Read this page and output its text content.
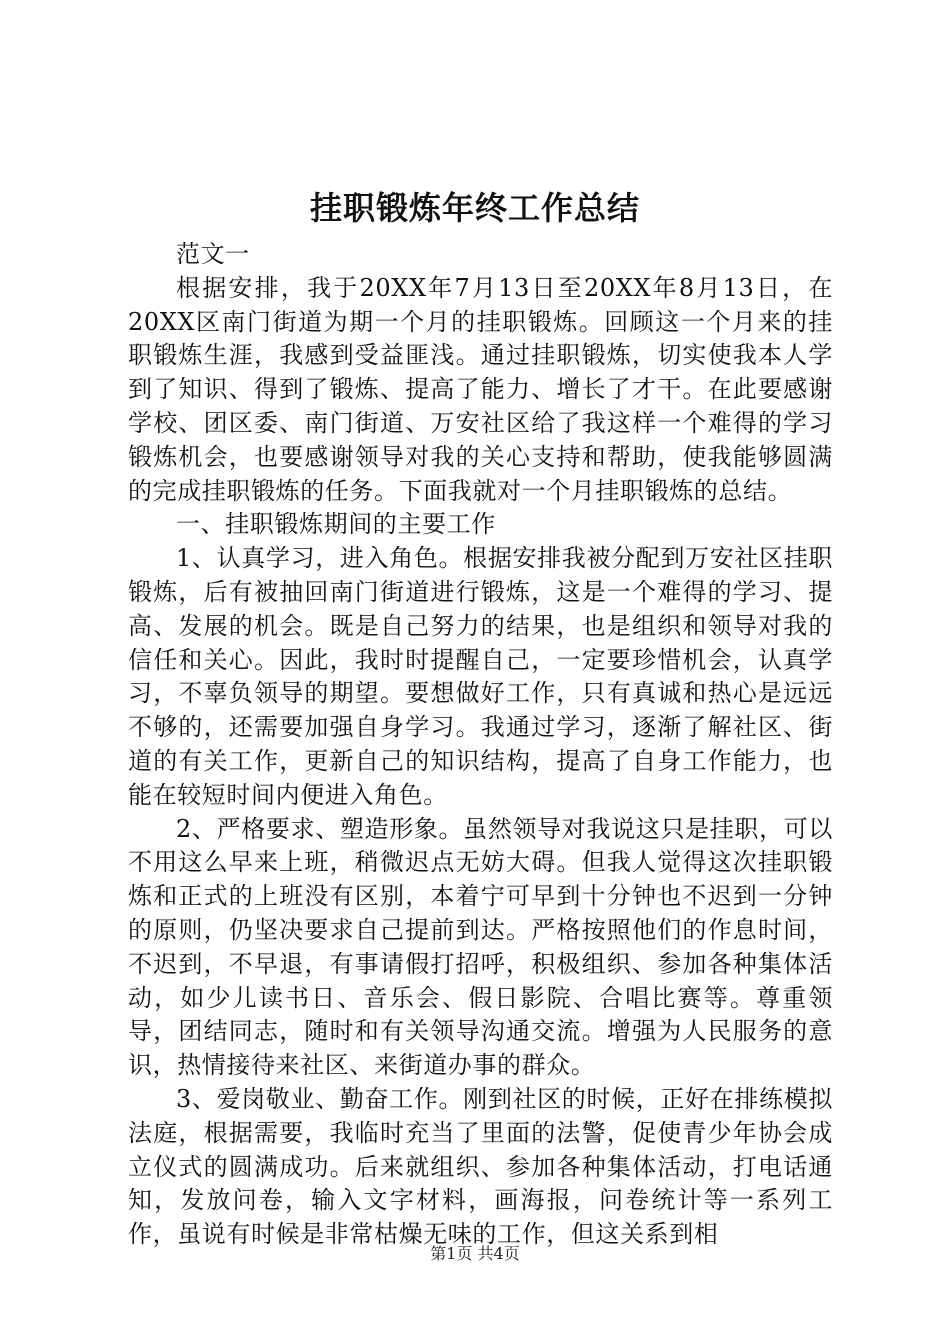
挂职锻炼年终工作总结

范文一

根据安排，我于20XX年7月13日至20XX年8月13日，在20XX区南门街道为期一个月的挂职锻炼。回顾这一个月来的挂职锻炼生涯，我感到受益匪浅。通过挂职锻炼，切实使我本人学到了知识、得到了锻炼、提高了能力、增长了才干。在此要感谢学校、团区委、南门街道、万安社区给了我这样一个难得的学习锻炼机会，也要感谢领导对我的关心支持和帮助，使我能够圆满的完成挂职锻炼的任务。下面我就对一个月挂职锻炼的总结。

一、挂职锻炼期间的主要工作

1、认真学习，进入角色。根据安排我被分配到万安社区挂职锻炼，后有被抽回南门街道进行锻炼，这是一个难得的学习、提高、发展的机会。既是自己努力的结果，也是组织和领导对我的信任和关心。因此，我时时提醒自己，一定要珍惜机会，认真学习，不辜负领导的期望。要想做好工作，只有真诚和热心是远远不够的，还需要加强自身学习。我通过学习，逐渐了解社区、街道的有关工作，更新自己的知识结构，提高了自身工作能力，也能在较短时间内便进入角色。

2、严格要求、塑造形象。虽然领导对我说这只是挂职，可以不用这么早来上班，稍微迟点无妨大碍。但我人觉得这次挂职锻炼和正式的上班没有区别，本着宁可早到十分钟也不迟到一分钟的原则，仍坚决要求自己提前到达。严格按照他们的作息时间，不迟到，不早退，有事请假打招呼，积极组织、参加各种集体活动，如少儿读书日、音乐会、假日影院、合唱比赛等。尊重领导，团结同志，随时和有关领导沟通交流。增强为人民服务的意识，热情接待来社区、来街道办事的群众。

3、爱岗敬业、勤奋工作。刚到社区的时候，正好在排练模拟法庭，根据需要，我临时充当了里面的法警，促使青少年协会成立仪式的圆满成功。后来就组织、参加各种集体活动，打电话通知，发放问卷，输入文字材料，画海报，问卷统计等一系列工作，虽说有时候是非常枯燥无味的工作，但这关系到相

第1页 共4页
